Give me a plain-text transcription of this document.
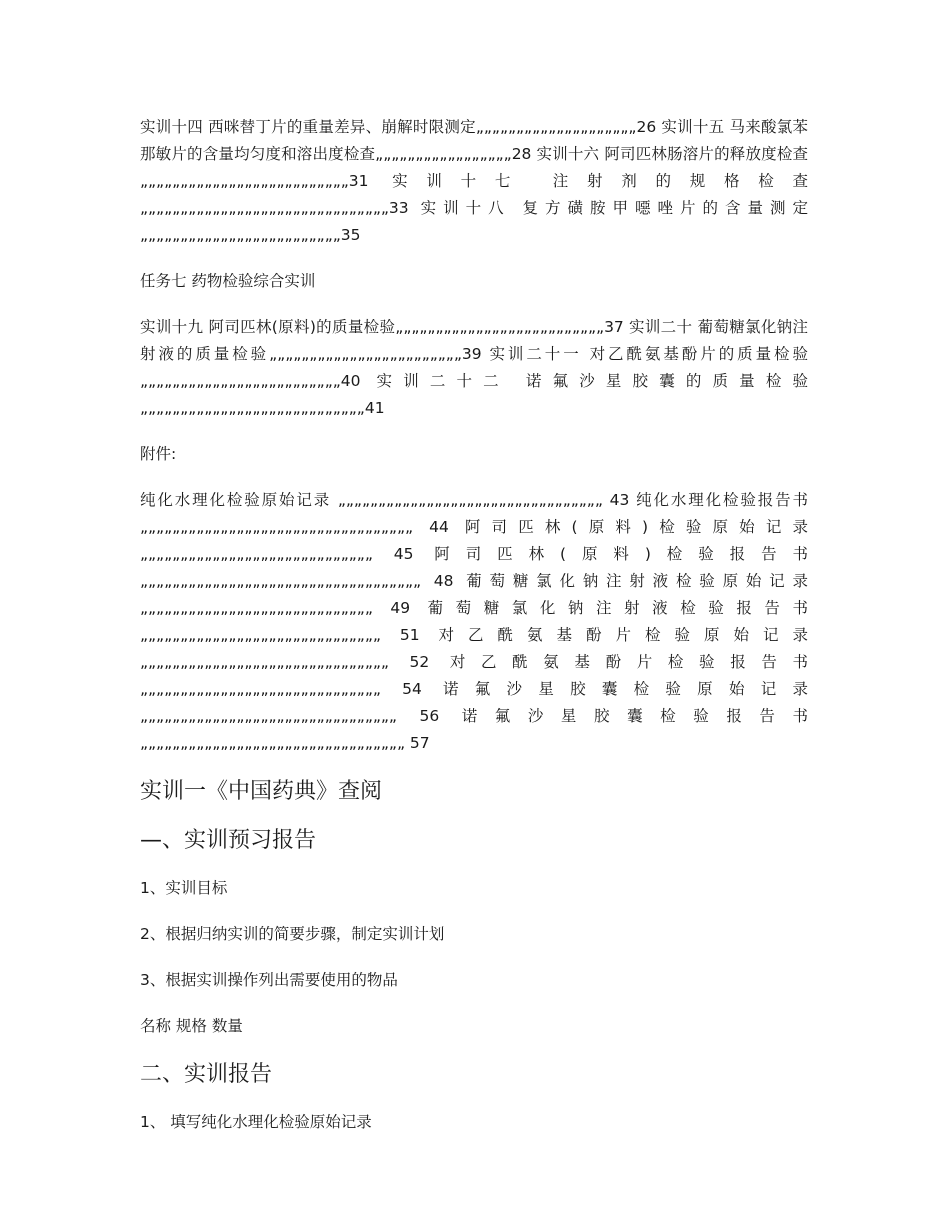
实训十四 西咪替丁片的重量差异、崩解时限测定„„„„„„„„„„„„„„„„„„„„26 实训十五 马来酸氯苯那敏片的含量均匀度和溶出度检查„„„„„„„„„„„„„„„„„28 实训十六 阿司匹林肠溶片的释放度检查„„„„„„„„„„„„„„„„„„„„„„„„„„31 实训十七 注射剂的规格检查„„„„„„„„„„„„„„„„„„„„„„„„„„„„„„„33 实训十八 复方磺胺甲噁唑片的含量测定„„„„„„„„„„„„„„„„„„„„„„„„„35

任务七 药物检验综合实训

实训十九 阿司匹林(原料)的质量检验„„„„„„„„„„„„„„„„„„„„„„„„„„37 实训二十 葡萄糖氯化钠注射液的质量检验„„„„„„„„„„„„„„„„„„„„„„„„39 实训二十一 对乙酰氨基酚片的质量检验„„„„„„„„„„„„„„„„„„„„„„„„„40 实训二十二 诺氟沙星胶囊的质量检验„„„„„„„„„„„„„„„„„„„„„„„„„„„„41

附件:

纯化水理化检验原始记录 „„„„„„„„„„„„„„„„„„„„„„„„„„„„„„„„„ 43 纯化水理化检验报告书 „„„„„„„„„„„„„„„„„„„„„„„„„„„„„„„„„„ 44 阿司匹林(原料)检验原始记录 „„„„„„„„„„„„„„„„„„„„„„„„„„„„„ 45 阿司匹林(原料)检验报告书 „„„„„„„„„„„„„„„„„„„„„„„„„„„„„„„„„„„ 48 葡萄糖氯化钠注射液检验原始记录 „„„„„„„„„„„„„„„„„„„„„„„„„„„„„ 49 葡萄糖氯化钠注射液检验报告书 „„„„„„„„„„„„„„„„„„„„„„„„„„„„„„ 51 对乙酰氨基酚片检验原始记录 „„„„„„„„„„„„„„„„„„„„„„„„„„„„„„„ 52 对乙酰氨基酚片检验报告书 „„„„„„„„„„„„„„„„„„„„„„„„„„„„„„ 54 诺氟沙星胶囊检验原始记录 „„„„„„„„„„„„„„„„„„„„„„„„„„„„„„„„ 56 诺氟沙星胶囊检验报告书 „„„„„„„„„„„„„„„„„„„„„„„„„„„„„„„„„ 57

实训一《中国药典》查阅
—、实训预习报告

1、实训目标

2、根据归纳实训的简要步骤，制定实训计划

3、根据实训操作列出需要使用的物品

名称 规格 数量

二、实训报告

1、 填写纯化水理化检验原始记录
